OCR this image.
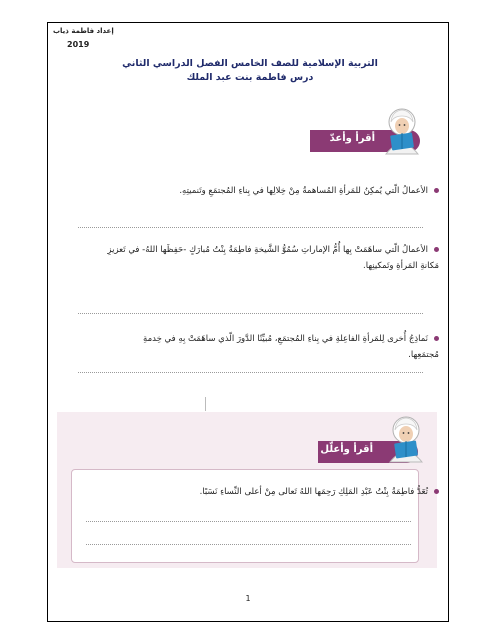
إعداد فاطمة ذياب
2019
التربية الإسلامية للصف الخامس الفصل الدراسي الثاني
درس فاطمة بنت عبد الملك
أقرأ وأعدّ
الأعمالُ الّتي يُمكِنُ للمَرأةِ المُساهمةُ مِنْ خِلالِها في بِناءِ المُجتمَعِ وتَنميتِهِ.
الأعمالُ الّتي ساهَمَتْ بِها أُمُّ الإماراتِ سُمُوُّ الشَّيخةِ فاطِمَةُ بِنْتُ مُبارَكٍ -حَفِظَها اللهُ- في تَعزيزِ مَكانةِ المَرأةِ وتَمكينِها.
نَماذِجُ أُخرى لِلمَرأةِ الفاعِلةِ في بِناءِ المُجتمَعِ، مُبيِّنًا الدَّورَ الّذي ساهَمَتْ بِهِ في خِدمةِ مُجتمَعِها.
أقرأ وأعلّل
تُعَدُّ فاطِمَةُ بِنْتُ عَبْدِ المَلِكِ رَحِمَها اللهُ تَعالى مِنْ أعلى النِّساءِ نَسَبًا.
1
